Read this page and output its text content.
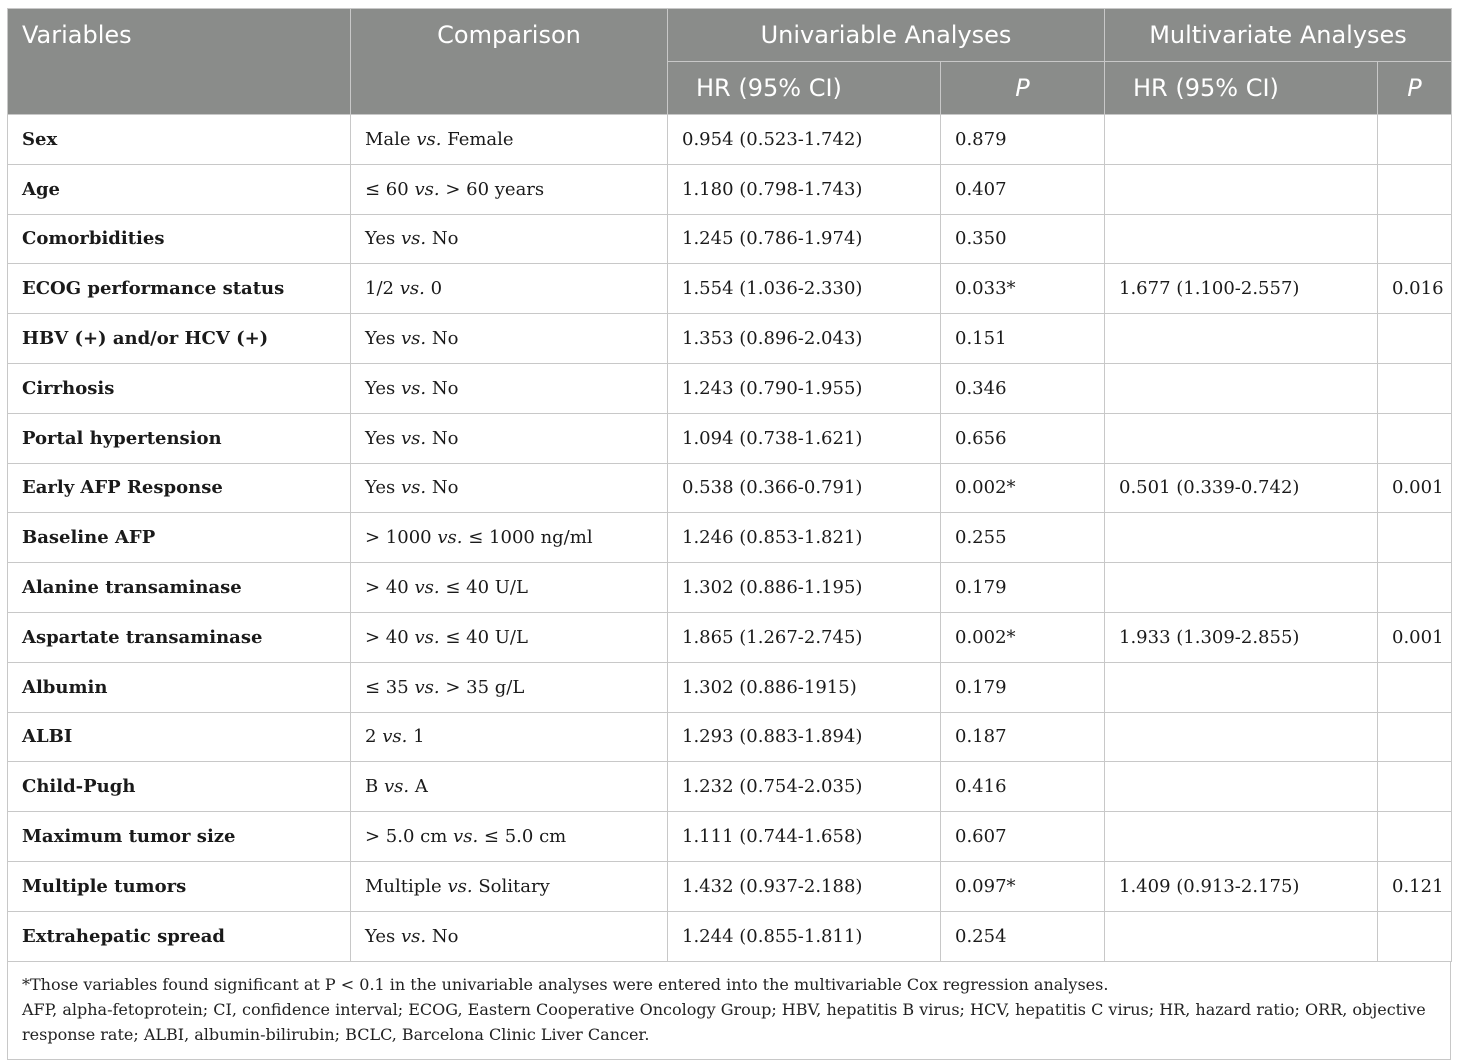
Variables	Comparison	Univariable Analyses		Multivariate Analyses	
		HR (95% CI)	P	HR (95% CI)	P
Sex	Male vs. Female	0.954 (0.523-1.742)	0.879		
Age	≤ 60 vs. > 60 years	1.180 (0.798-1.743)	0.407		
Comorbidities	Yes vs. No	1.245 (0.786-1.974)	0.350		
ECOG performance status	1/2 vs. 0	1.554 (1.036-2.330)	0.033*	1.677 (1.100-2.557)	0.016
HBV (+) and/or HCV (+)	Yes vs. No	1.353 (0.896-2.043)	0.151		
Cirrhosis	Yes vs. No	1.243 (0.790-1.955)	0.346		
Portal hypertension	Yes vs. No	1.094 (0.738-1.621)	0.656		
Early AFP Response	Yes vs. No	0.538 (0.366-0.791)	0.002*	0.501 (0.339-0.742)	0.001
Baseline AFP	> 1000 vs. ≤ 1000 ng/ml	1.246 (0.853-1.821)	0.255		
Alanine transaminase	> 40 vs. ≤ 40 U/L	1.302 (0.886-1.195)	0.179		
Aspartate transaminase	> 40 vs. ≤ 40 U/L	1.865 (1.267-2.745)	0.002*	1.933 (1.309-2.855)	0.001
Albumin	≤ 35 vs. > 35 g/L	1.302 (0.886-1915)	0.179		
ALBI	2 vs. 1	1.293 (0.883-1.894)	0.187		
Child-Pugh	B vs. A	1.232 (0.754-2.035)	0.416		
Maximum tumor size	> 5.0 cm vs. ≤ 5.0 cm	1.111 (0.744-1.658)	0.607		
Multiple tumors	Multiple vs. Solitary	1.432 (0.937-2.188)	0.097*	1.409 (0.913-2.175)	0.121
Extrahepatic spread	Yes vs. No	1.244 (0.855-1.811)	0.254		

*Those variables found significant at P < 0.1 in the univariable analyses were entered into the multivariable Cox regression analyses.

AFP, alpha-fetoprotein; CI, confidence interval; ECOG, Eastern Cooperative Oncology Group; HBV, hepatitis B virus; HCV, hepatitis C virus; HR, hazard ratio; ORR, objective response rate; ALBI, albumin-bilirubin; BCLC, Barcelona Clinic Liver Cancer.
